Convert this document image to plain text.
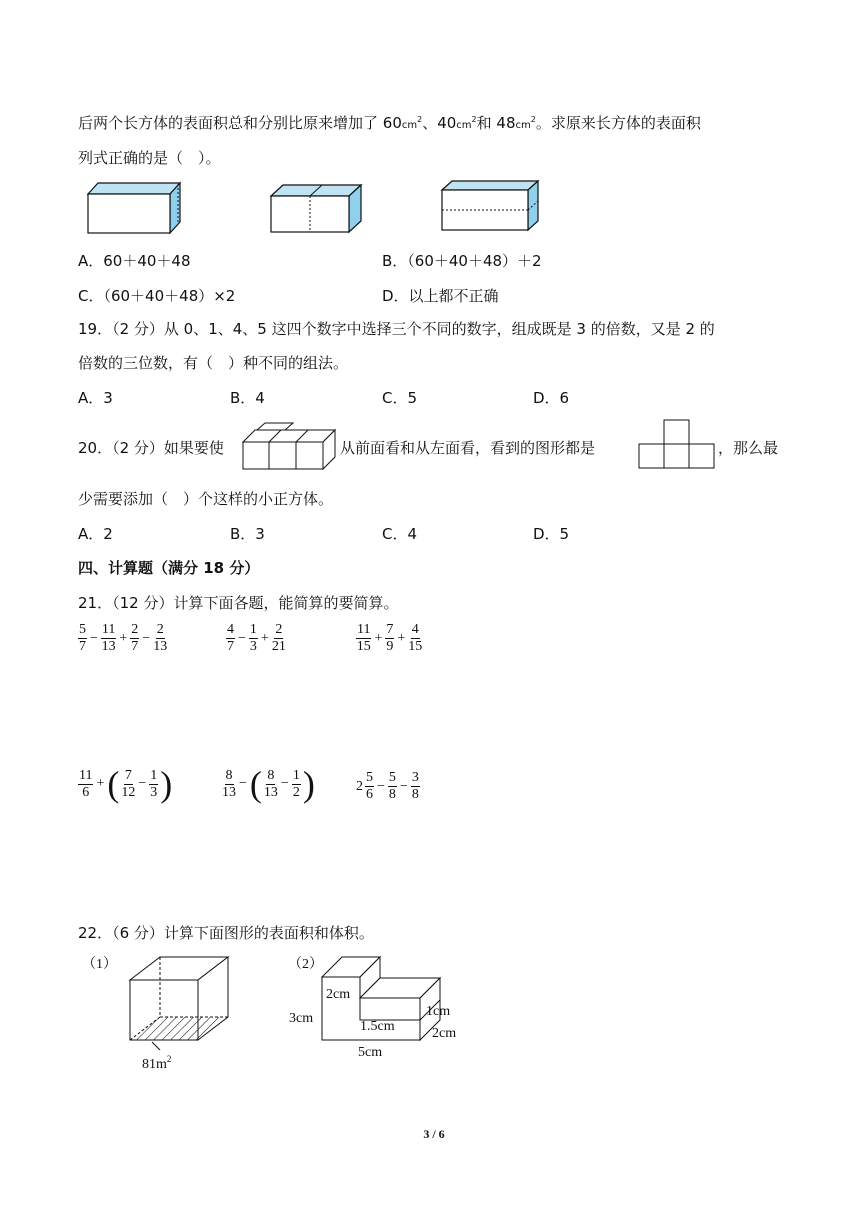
后两个长方体的表面积总和分别比原来增加了 $60cm^2$、$40cm^2$和 $48cm^2$。求原来长方体的表面积
列式正确的是（　）。
A．60＋40＋48	B．（60＋40＋48）＋2
C．（60＋40＋48）×2	D．以上都不正确
19．（2 分）从 0、1、4、5 这四个数字中选择三个不同的数字，组成既是 3 的倍数，又是 2 的
倍数的三位数，有（　）种不同的组法。
A．3	B．4	C．5	D．6
20．（2 分）如果要使	从前面看和从左面看，看到的图形都是	，那么最
少需要添加（　）个这样的小正方体。
A．2	B．3	C．4	D．5
四、计算题（满分 18 分）
21．（12 分）计算下面各题，能简算的要简算。
$\frac{5}{7} - \frac{11}{13} + \frac{2}{7} - \frac{2}{13}$	$\frac{4}{7} - \frac{1}{3} + \frac{2}{21}$	$\frac{11}{15} + \frac{7}{9} + \frac{4}{15}$
$\frac{11}{6}$ + ( $\frac{7}{12} - \frac{1}{3}$ )	$\frac{8}{13}$ − ( $\frac{8}{13} - \frac{1}{2}$ )	$2 \frac{5}{6} - \frac{5}{8} - \frac{3}{8}$
22．（6 分）计算下面图形的表面积和体积。
（1）
$81m^2$
（2）
2cm
1cm
1.5cm
3cm
2cm
5cm
3 / 6
